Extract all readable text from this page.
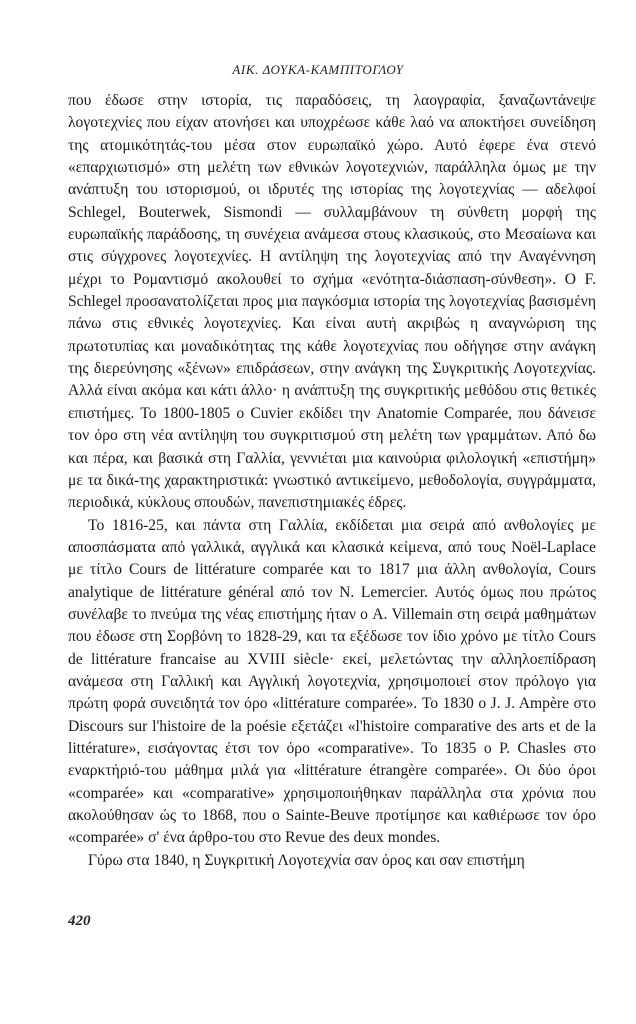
ΑΙΚ. ΔΟΥΚΑ-ΚΑΜΠΙΤΟΓΛΟΥ

που έδωσε στην ιστορία, τις παραδόσεις, τη λαογραφία, ξαναζωντάνεψε λογοτεχνίες που είχαν ατονήσει και υποχρέωσε κάθε λαό να αποκτήσει συνείδηση της ατομικότητάς-του μέσα στον ευρωπαϊκό χώρο. Αυτό έφερε ένα στενό «επαρχιωτισμό» στη μελέτη των εθνικών λογοτεχνιών, παράλληλα όμως με την ανάπτυξη του ιστορισμού, οι ιδρυτές της ιστορίας της λογοτεχνίας — αδελφοί Schlegel, Bouterwek, Sismondi — συλλαμβάνουν τη σύνθετη μορφή της ευρωπαϊκής παράδοσης, τη συνέχεια ανάμεσα στους κλασικούς, στο Μεσαίωνα και στις σύγχρονες λογοτεχνίες. Η αντίληψη της λογοτεχνίας από την Αναγέννηση μέχρι το Ρομαντισμό ακολουθεί το σχήμα «ενότητα-διάσπαση-σύνθεση». Ο F. Schlegel προσανατολίζεται προς μια παγκόσμια ιστορία της λογοτεχνίας βασισμένη πάνω στις εθνικές λογοτεχνίες. Και είναι αυτή ακριβώς η αναγνώριση της πρωτοτυπίας και μοναδικότητας της κάθε λογοτεχνίας που οδήγησε στην ανάγκη της διερεύνησης «ξένων» επιδράσεων, στην ανάγκη της Συγκριτικής Λογοτεχνίας. Αλλά είναι ακόμα και κάτι άλλο· η ανάπτυξη της συγκριτικής μεθόδου στις θετικές επιστήμες. Το 1800-1805 ο Cuvier εκδίδει την Anatomie Comparée, που δάνεισε τον όρο στη νέα αντίληψη του συγκριτισμού στη μελέτη των γραμμάτων. Από δω και πέρα, και βασικά στη Γαλλία, γεννιέται μια καινούρια φιλολογική «επιστήμη» με τα δικά-της χαρακτηριστικά: γνωστικό αντικείμενο, μεθοδολογία, συγγράμματα, περιοδικά, κύκλους σπουδών, πανεπιστημιακές έδρες.

Το 1816-25, και πάντα στη Γαλλία, εκδίδεται μια σειρά από ανθολογίες με αποσπάσματα από γαλλικά, αγγλικά και κλασικά κείμενα, από τους Noël-Laplace με τίτλο Cours de littérature comparée και το 1817 μια άλλη ανθολογία, Cours analytique de littérature général από τον N. Lemercier. Αυτός όμως που πρώτος συνέλαβε το πνεύμα της νέας επιστήμης ήταν ο A. Villemain στη σειρά μαθημάτων που έδωσε στη Σορβόνη το 1828-29, και τα εξέδωσε τον ίδιο χρόνο με τίτλο Cours de littérature francaise au XVIII siècle· εκεί, μελετώντας την αλληλοεπίδραση ανάμεσα στη Γαλλική και Αγγλική λογοτεχνία, χρησιμοποιεί στον πρόλογο για πρώτη φορά συνειδητά τον όρο «littérature comparée». Το 1830 ο J. J. Ampère στο Discours sur l'histoire de la poésie εξετάζει «l'histoire comparative des arts et de la littérature», εισάγοντας έτσι τον όρο «comparative». Το 1835 ο P. Chasles στο εναρκτήριό-του μάθημα μιλά για «littérature étrangère comparée». Οι δύο όροι «comparée» και «comparative» χρησιμοποιήθηκαν παράλληλα στα χρόνια που ακολούθησαν ώς το 1868, που ο Sainte-Beuve προτίμησε και καθιέρωσε τον όρο «comparée» σ' ένα άρθρο-του στο Revue des deux mondes.

Γύρω στα 1840, η Συγκριτική Λογοτεχνία σαν όρος και σαν επιστήμη

420
